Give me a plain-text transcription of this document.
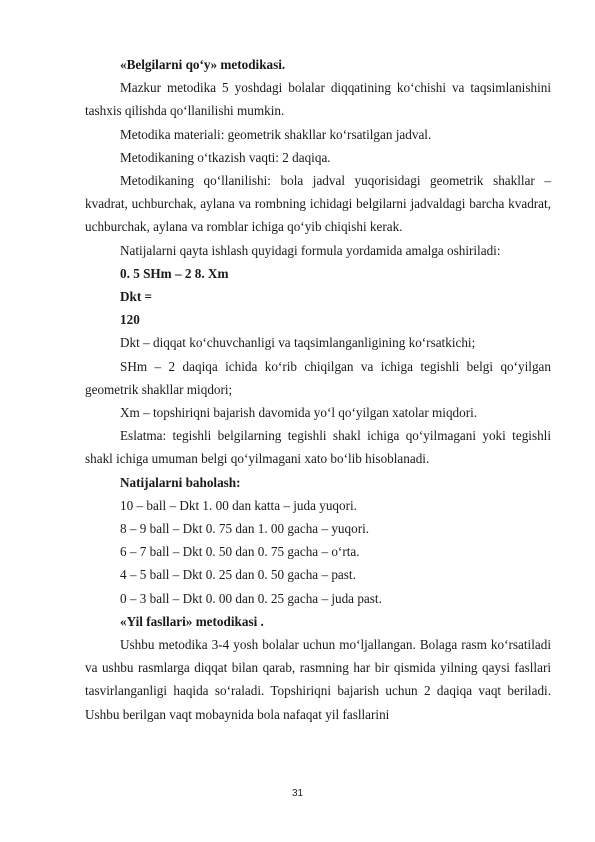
«Belgilarni qo‘y» metodikasi.

Mazkur metodika 5 yoshdagi bolalar diqqatining ko‘chishi va taqsimlanishini tashxis qilishda qo‘llanilishi mumkin.

Metodika materiali: geometrik shakllar ko‘rsatilgan jadval.

Metodikaning o‘tkazish vaqti: 2 daqiqa.

Metodikaning qo‘llanilishi: bola jadval yuqorisidagi geometrik shakllar – kvadrat, uchburchak, aylana va rombning ichidagi belgilarni jadvaldagi barcha kvadrat, uchburchak, aylana va romblar ichiga qo‘yib chiqishi kerak.

Natijalarni qayta ishlash quyidagi formula yordamida amalga oshiriladi:

0. 5 SHm – 2 8. Xm

Dkt =

120

Dkt – diqqat ko‘chuvchanligi va taqsimlanganligining ko‘rsatkichi;

SHm – 2 daqiqa ichida ko‘rib chiqilgan va ichiga tegishli belgi qo‘yilgan geometrik shakllar miqdori;

Xm – topshiriqni bajarish davomida yo‘l qo‘yilgan xatolar miqdori.

Eslatma: tegishli belgilarning tegishli shakl ichiga qo‘yilmagani yoki tegishli shakl ichiga umuman belgi qo‘yilmagani xato bo‘lib hisoblanadi.

Natijalarni baholash:

10 – ball – Dkt 1. 00 dan katta – juda yuqori.

8 – 9 ball – Dkt 0. 75 dan 1. 00 gacha – yuqori.

6 – 7 ball – Dkt 0. 50 dan 0. 75 gacha – o‘rta.

4 – 5 ball – Dkt 0. 25 dan 0. 50 gacha – past.

0 – 3 ball – Dkt 0. 00 dan 0. 25 gacha – juda past.

«Yil fasllari» metodikasi .

Ushbu metodika 3-4 yosh bolalar uchun mo‘ljallangan. Bolaga rasm ko‘rsatiladi va ushbu rasmlarga diqqat bilan qarab, rasmning har bir qismida yilning qaysi fasllari tasvirlanganligi haqida so‘raladi. Topshiriqni bajarish uchun 2 daqiqa vaqt beriladi. Ushbu berilgan vaqt mobaynida bola nafaqat yil fasllarini

31
